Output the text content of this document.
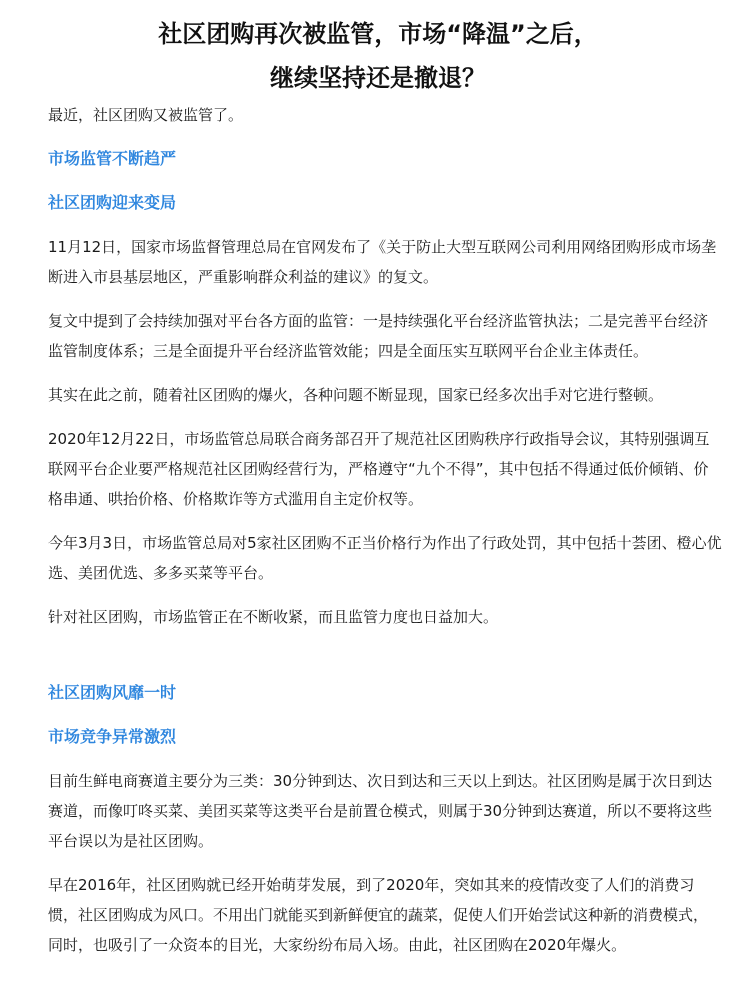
社区团购再次被监管，市场“降温”之后，
继续坚持还是撤退？

最近，社区团购又被监管了。

市场监管不断趋严
社区团购迎来变局

11月12日，国家市场监督管理总局在官网发布了《关于防止大型互联网公司利用网络团购形成市场垄断进入市县基层地区，严重影响群众利益的建议》的复文。

复文中提到了会持续加强对平台各方面的监管：一是持续强化平台经济监管执法；二是完善平台经济监管制度体系；三是全面提升平台经济监管效能；四是全面压实互联网平台企业主体责任。

其实在此之前，随着社区团购的爆火，各种问题不断显现，国家已经多次出手对它进行整顿。

2020年12月22日，市场监管总局联合商务部召开了规范社区团购秩序行政指导会议，其特别强调互联网平台企业要严格规范社区团购经营行为，严格遵守“九个不得”，其中包括不得通过低价倾销、价格串通、哄抬价格、价格欺诈等方式滥用自主定价权等。

今年3月3日，市场监管总局对5家社区团购不正当价格行为作出了行政处罚，其中包括十荟团、橙心优选、美团优选、多多买菜等平台。

针对社区团购，市场监管正在不断收紧，而且监管力度也日益加大。

社区团购风靡一时
市场竞争异常激烈

目前生鲜电商赛道主要分为三类：30分钟到达、次日到达和三天以上到达。社区团购是属于次日到达赛道，而像叮咚买菜、美团买菜等这类平台是前置仓模式，则属于30分钟到达赛道，所以不要将这些平台误以为是社区团购。

早在2016年，社区团购就已经开始萌芽发展，到了2020年，突如其来的疫情改变了人们的消费习惯，社区团购成为风口。不用出门就能买到新鲜便宜的蔬菜，促使人们开始尝试这种新的消费模式，同时，也吸引了一众资本的目光，大家纷纷布局入场。由此，社区团购在2020年爆火。
